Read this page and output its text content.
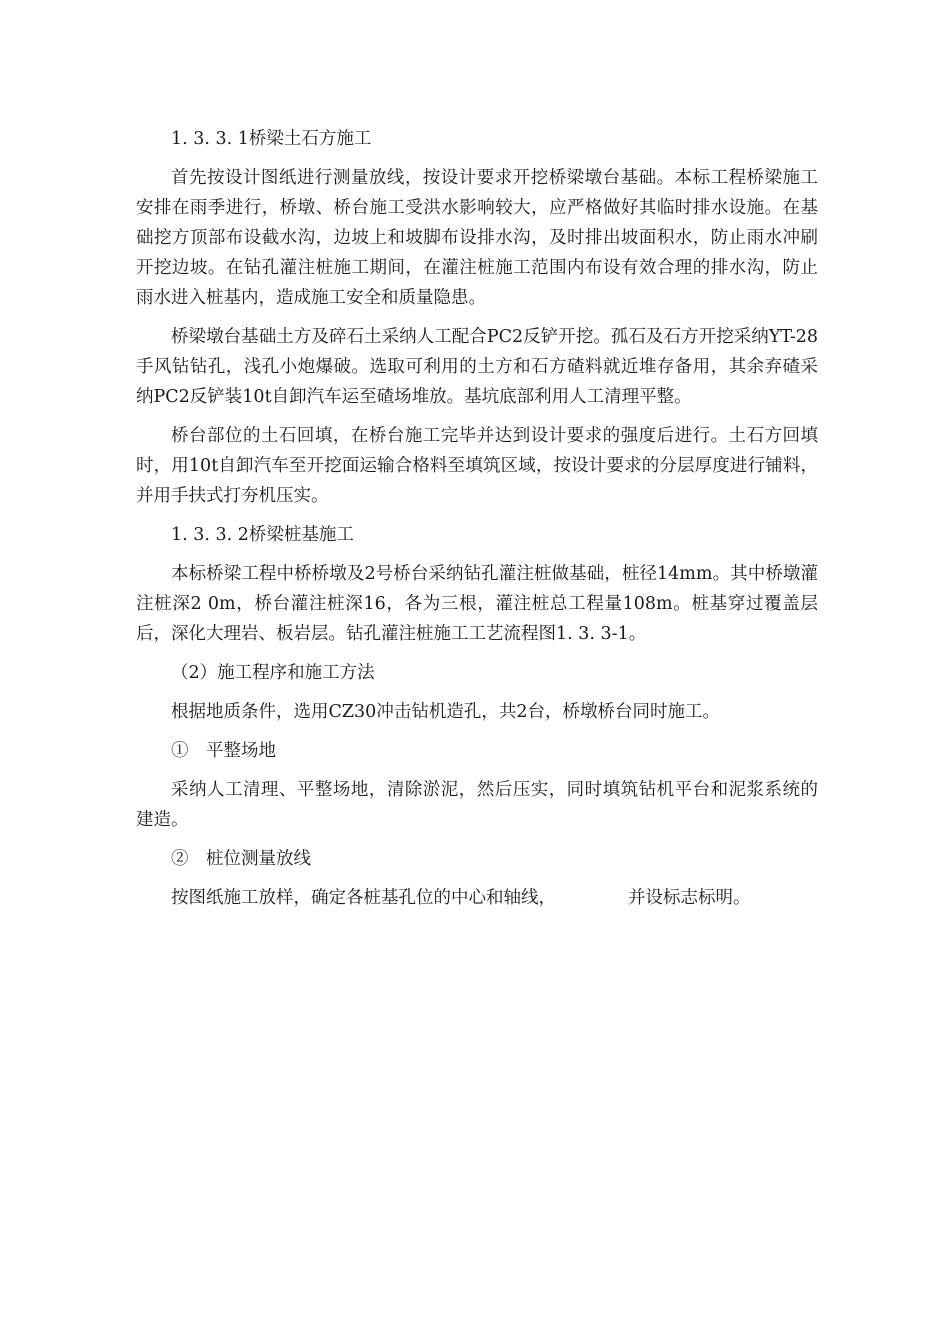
1. 3. 3. 1桥梁土石方施工

首先按设计图纸进行测量放线，按设计要求开挖桥梁墩台基础。本标工程桥梁施工安排在雨季进行，桥墩、桥台施工受洪水影响较大，应严格做好其临时排水设施。在基础挖方顶部布设截水沟，边坡上和坡脚布设排水沟，及时排出坡面积水，防止雨水冲刷开挖边坡。在钻孔灌注桩施工期间，在灌注桩施工范围内布设有效合理的排水沟，防止雨水进入桩基内，造成施工安全和质量隐患。

桥梁墩台基础土方及碎石土采纳人工配合PC2反铲开挖。孤石及石方开挖采纳YT-28手风钻钻孔，浅孔小炮爆破。选取可利用的土方和石方碴料就近堆存备用，其余弃碴采纳PC2反铲装10t自卸汽车运至碴场堆放。基坑底部利用人工清理平整。

桥台部位的土石回填，在桥台施工完毕并达到设计要求的强度后进行。土石方回填时，用10t自卸汽车至开挖面运输合格料至填筑区域，按设计要求的分层厚度进行铺料，并用手扶式打夯机压实。

1. 3. 3. 2桥梁桩基施工

本标桥梁工程中桥桥墩及2号桥台采纳钻孔灌注桩做基础，桩径14mm。其中桥墩灌注桩深2 0m，桥台灌注桩深16，各为三根，灌注桩总工程量108m。桩基穿过覆盖层后，深化大理岩、板岩层。钻孔灌注桩施工工艺流程图1. 3. 3-1。

（2）施工程序和施工方法

根据地质条件，选用CZ30冲击钻机造孔，共2台，桥墩桥台同时施工。

①　平整场地

采纳人工清理、平整场地，清除淤泥，然后压实，同时填筑钻机平台和泥浆系统的建造。

②　桩位测量放线

按图纸施工放样，确定各桩基孔位的中心和轴线，	并设标志标明。
